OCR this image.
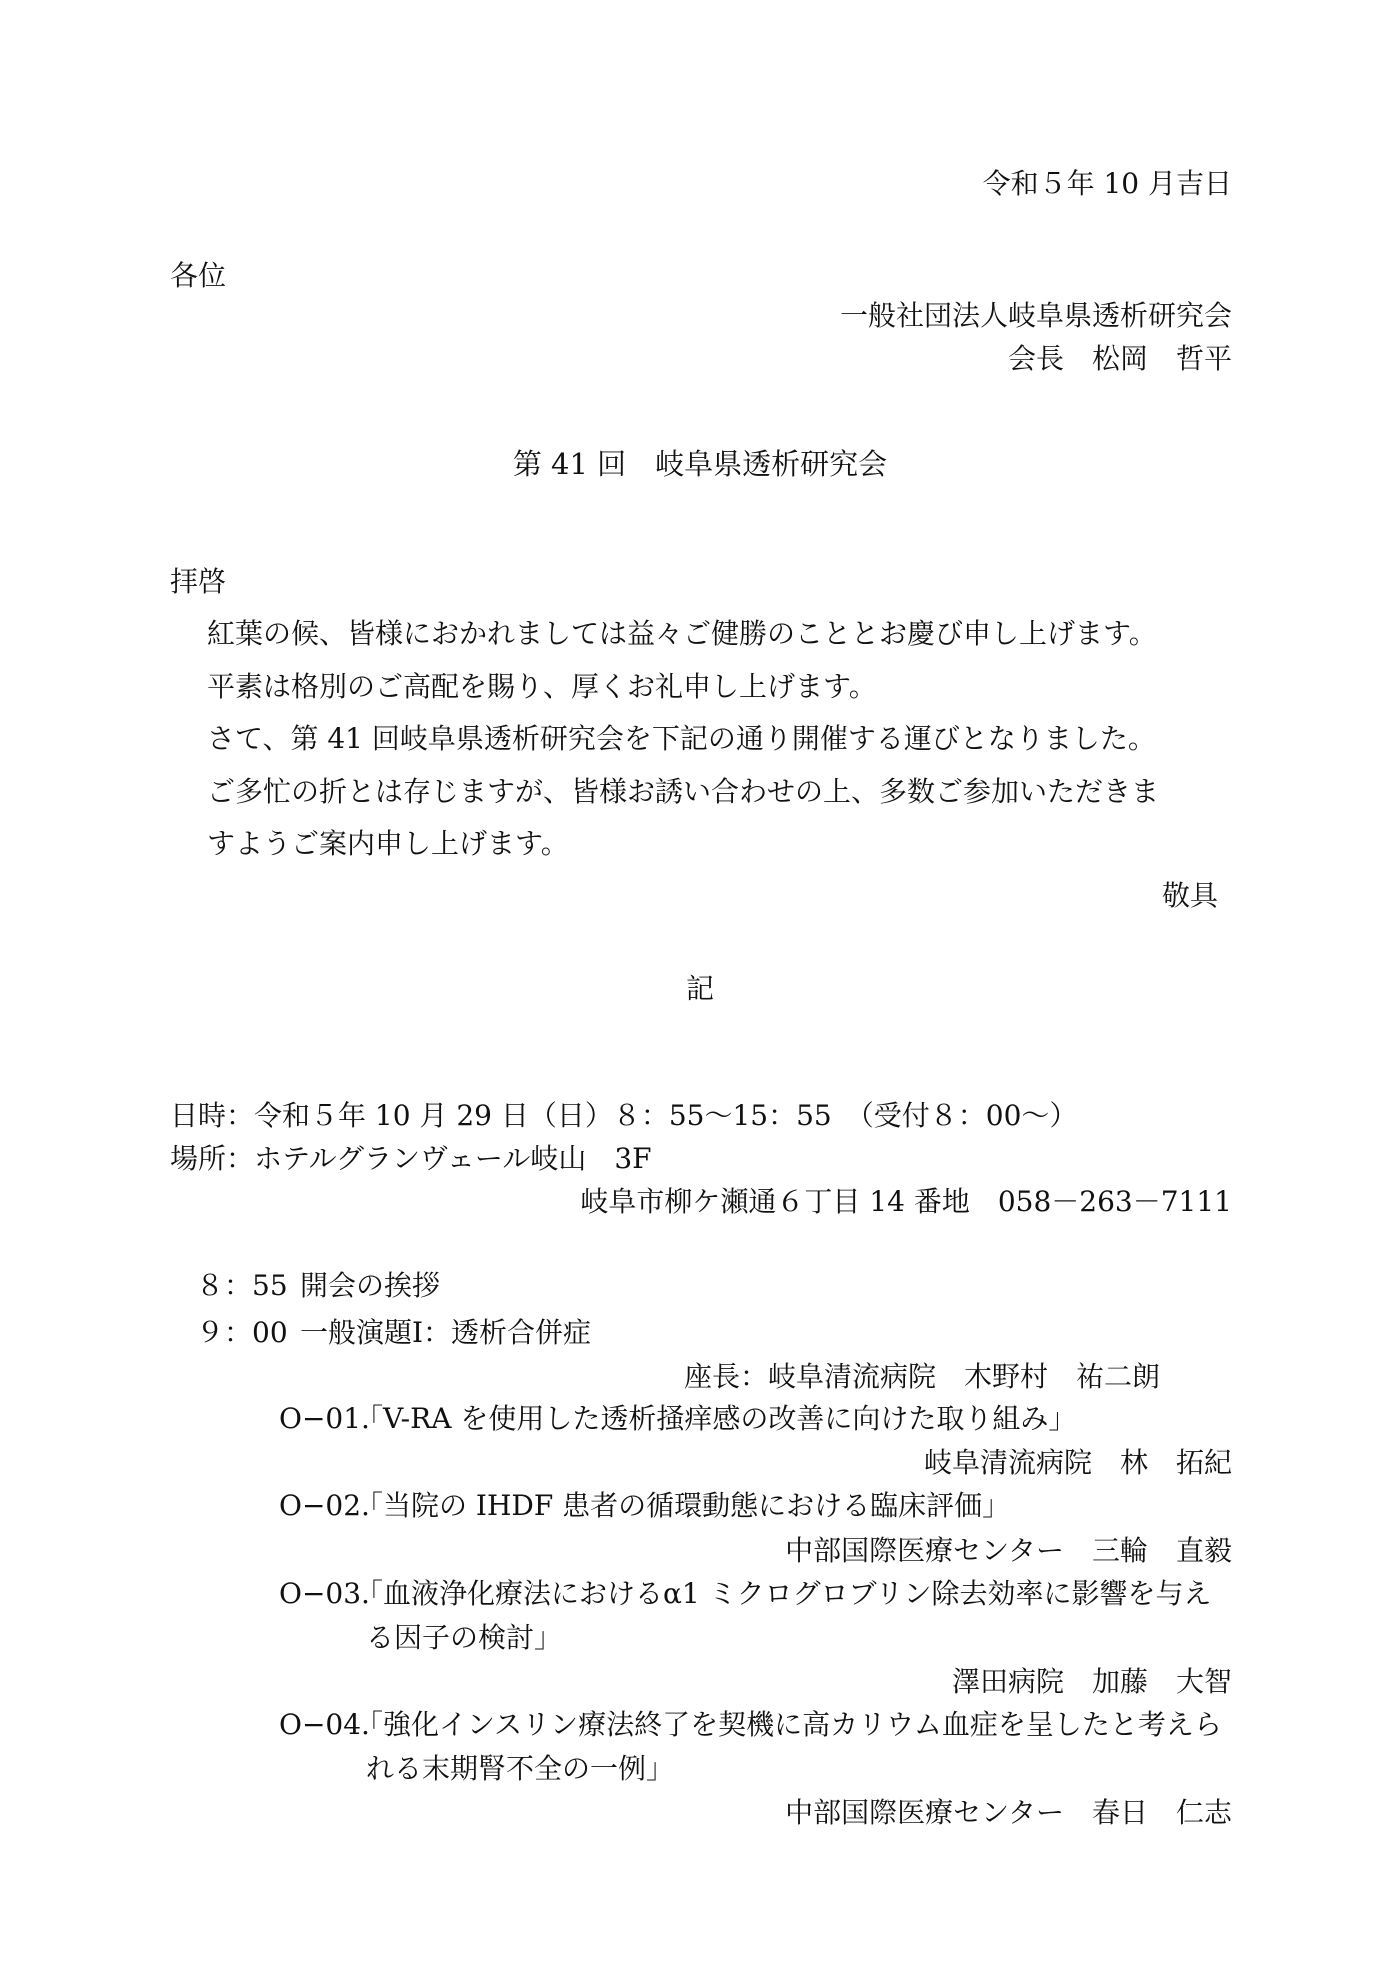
令和５年 10 月吉日

各位

一般社団法人岐阜県透析研究会

会長　松岡　哲平

第 41 回　岐阜県透析研究会

拝啓

紅葉の候、皆様におかれましては益々ご健勝のこととお慶び申し上げます。

平素は格別のご高配を賜り、厚くお礼申し上げます。

さて、第 41 回岐阜県透析研究会を下記の通り開催する運びとなりました。

ご多忙の折とは存じますが、皆様お誘い合わせの上、多数ご参加いただきま

すようご案内申し上げます。

敬具

記

日時：令和５年 10 月 29 日（日）８：55～15：55　（受付８：00～）

場所：ホテルグランヴェール岐山　3F

岐阜市柳ケ瀬通６丁目 14 番地　058－263－7111

８：55 開会の挨拶

９：00 一般演題Ⅰ：透析合併症

座長：岐阜清流病院　木野村　祐二朗

O−01.

「V-RA を使用した透析掻痒感の改善に向けた取り組み」

岐阜清流病院　林　拓紀

O−02.

「当院の IHDF 患者の循環動態における臨床評価」

中部国際医療センター　三輪　直毅

O−03.

「血液浄化療法におけるα1 ミクログロブリン除去効率に影響を与え

る因子の検討」

澤田病院　加藤　大智

O−04.

「強化インスリン療法終了を契機に高カリウム血症を呈したと考えら

れる末期腎不全の一例」

中部国際医療センター　春日　仁志
